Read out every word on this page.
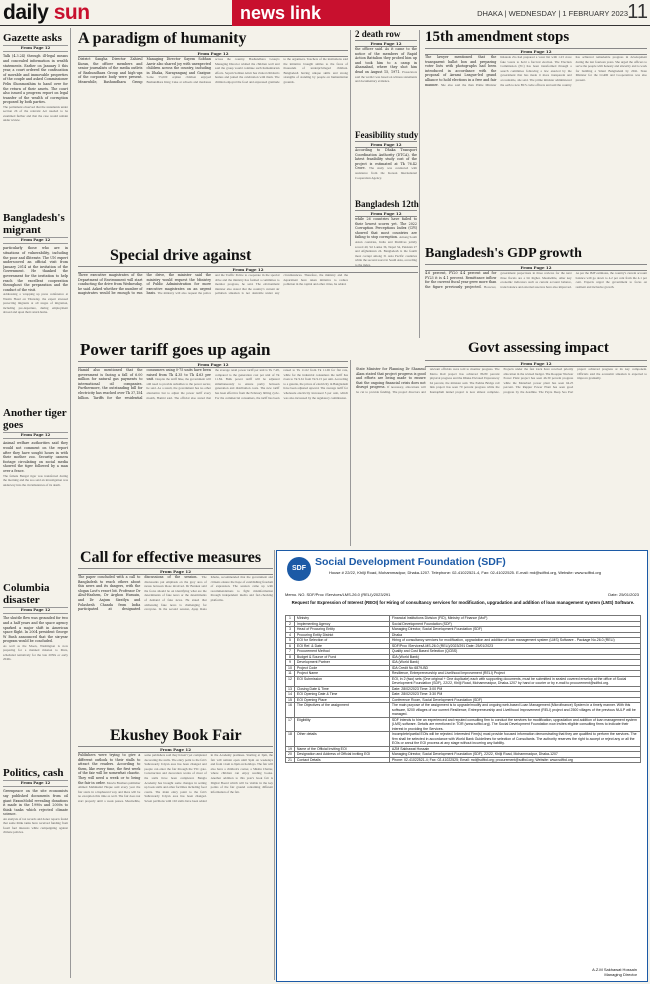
daily sun	news link	DHAKA | WEDNESDAY | 1 FEBRUARY 2023 11
Gazette asks
From Page 12
Talk (4.3.24) through ill-legal means and concealed information in wealth statements. Earlier on January 5 this year, a court ordered the confiscation of movable and immovable properties of the couple and asked Commissioner Felix Shonmosihim to hand over for the return of their assets. The court also issued a progress report on legal transfer of the wealth of corruption proposed by both parties.
The parliament observed that the statements under section 26 of the relevant Act needed to be examined further and that the case would remain under review.
Bangladesh's migrant
From Page 12
particularly those who are in situations of vulnerability, including the poor and illiterate. The UN expert underscored an official visit from January 2014 at the invitation of the Government. He thanked the government for the invitation to help reach the excellent cooperation throughout the preparation and the conduct of the visit.
Addressing a wrapping up press conference at Westin Hotel on Thursday, the expert stressed protecting migrants at all stages of migration, including pre-departure, during employment abroad and upon their return home.
Another tiger goes
From Page 12
Animal welfare authorities said they would not comment on the report after they have sought hours in with their mother zoo. Security camera footage circulating on social media showed the tiger followed by a man over a fence.
The female Bengal tiger was transferred during the morning and the zoo said an investigation was underway into the circumstances of its death.
Columbia disaster
From Page 12
The shuttle flew was grounded for two and a half years and the space agency sparked a major shift in American space flight. In 2004 president George W Bush announced that the six-year program would be concluded.
As well as the Moon, Washington is now preparing for a manned mission to Mars, scheduled tentatively for the late 2030s or early 2040s.
Politics, cash
From Page 12
Greenpeace on the site economists say published documents from oil giant ExxonMobil revealing donations it made in the 1990s and 2000s to think tanks which rejected climate science.
An analysis of tax records and donor reports found that some think tanks have received funding from fossil fuel interests while campaigning against climate policies.
A paradigm of humanity
From Page 12
District Sangha Director Zahirul Kuran, the officer members and senior journalists of the media outlets of Bashundhara Group and high-ups of the corporate body were present. Meanwhile, Bashundhara Group Managing Director Sayem Sobhan Anvir also shared joy with unexpected children across the country, including in Dhaka, Narayanganj and Gazipur. Some 55,000 orphan children enjoyed Bashundhara King Cake at schools and madrasas across the country. Bashundhara Group's Managing Director wished the children well and said the group would continue such humanitarian efforts. Sayem Sobhan Anvir has visited children's homes and joined the celebration with them. The children enjoyed the food and expressed gratitude to the organisers. Teachers of the institutions said the initiative brought smiles to the faces of thousands of underprivileged children. Bangladesh having unique skills and strong strengths of standing by people on humanitarian grounds.
2 death row
From Page 12
the officer said. As it came to the notice of the members of Rapid Action Battalion they probed him up and took him to a camp in Ahamabad, where they shot him dead on August 15, 1971. Prosecutors said the verdict was based on witness statements and documentary evidence.
Feasibility study
From Page 12
According to Dhaka Transport Coordination Authority (DTCA), the latest feasibility study cost of the project is estimated at Tk 76.42 Crore. The study was conducted with assistance from the Korean International Cooperation Agency.
Bangladesh 12th
From Page 12
while 26 countries have failed to their lowest scores yet. The 2022 Corruption Perceptions Index (CPI) showed that most countries are failing to stop corruption. Among South Asian countries, India and Maldives jointly scored 40, Sri Lanka 36, Nepal 34, Pakistan 27 and Afghanistan 24. Bangladesh is the fourth most corrupt among 31 Asia Pacific countries while the second-worst in South Asia, according to the index.
15th amendment stops
From Page 12
The lawyer mentioned that the transparent ballot box and preparing voter lists with photographs had been introduced in accordance with the proposal of Awami League-led grand alliance to hold elections in a free and fair manner. She also said the then Prime Minister Khaleda Zia had prepared a voter list with 1.23 crore fake voters to hold a farcical election. The Election Commission (EC) has been transformed through a search committee following a law enacted by the government that has made it more transparent and accountable, she said. The prime minister administered the oath to new BCS cadre officers and said the country has achieved remarkable progress in development during the last fourteen years. She urged the officers to serve the people with honesty and sincerity and to work for building a Smart Bangladesh by 2041. State Minister for the LGRD and Cooperatives was also present.
Bangladesh's GDP growth
From Page 12
4.6 percent, FY20 4.4 percent and for FY23 it is 4.1 percent. Remittance inflow for the current fiscal year grew more than the figure previously projected. However, government projections in three reviews for the next three fiscals are a bit higher. Meanwhile, other key economic indicators such as current account balance, trade balance and external reserves have also improved. As per the IMF estimates, the country's current account balance will go down to 4.2 per cent from the 4.1 per cent. Experts urged the government to focus on resilient and inclusive growth.
Special drive against
From Page 12
Three executive magistrates of the Department of Environment will start conducting the drive from Wednesday, he said. Asked whether the number of magistrates would be enough to run the drive, the minister said the ministry would request the Ministry of Public Administration for more executive magistrates on an urgent basis. The ministry will also request the police and the Traffic Police to cooperate in the special drive and the ministry has formed a committee to monitor progress, he said. The environment minister also stated that the country's current air pollution situation is not desirable under any circumstances. Therefore, the ministry and the department have taken initiative to reduce pollution in the capital and other cities, he added.
Govt assessing impact
From Page 12
State Minister for Planning Dr Shamsul Alam stated that project progress is good and efforts are being made to ensure that the ongoing financial crisis does not disrupt progress. If necessary, allocations will be cut to provide funding. The project directors and relevant officials were told to monitor progress. The Metro Rail project has achieved 86.80 percent physical progress and the Dhaka Elevated Expressway 64 percent, the minister said. The Padma Bridge rail link project has seen 70 percent progress while the Karnaphuli tunnel project is now almost complete. Projects under the fast track have received priority allocation in the revised budget. The Rooppur Nuclear Power Plant project has seen 46.30 percent progress while the Matarbari power plant has seen 64.25 percent. The Ruppur Power Plant has seen good progress by the deadline. The Payra Deep Sea Port project achieved progress at its key component. Officials said the economic situation is expected to improve gradually.
Power tariff goes up again
From Page 12
Hamid also mentioned that the government is facing a fall of 6.00 million for natural gas payments to international oil companies. Furthermore, the outstanding bill for electricity has reached over Tk 37,154 billion. Tariffs for the residential consumers using 0-75 units have been raised from Tk 4.35 to Tk 4.63 per unit. Despite the tariff hike, the government will still need to provide subsidies to the power sector, he said. As a result, the government has no other alternative but to adjust the power tariff every month, Hamid said. The official also stated that the average retail power tariff per unit is Tk 7.48, compared to the generation cost per unit of Tk 11.84. Bulk power tariff will be adjusted simultaneously to ensure parity between generation and distribution costs. The new tariff has been effective from the February billing cycle. For the commercial consumers, the tariff has been raised to Tk 11.62 from Tk 11.06 for flat rate, while for the industrial consumers the tariff has risen to Tk 9.61 from Tk 9.15 per unit. According to a gazette, the prices of electricity in Bangladesh have been adjusted upward. The average tariff for wholesale electricity increased 5 per cent, which was also increased by the regulatory commission.
Call for effective measures
From Page 12
The paper concluded with a call to Bangladesh to reach others about this news and its dangers, with the slogan Lost's resort bit. Professor Dr Abul-Hashem, Dr Arghon Hussain, and Dr Anjum Siratlya and Polashesh Chanda from India participated at designated discussions of the session. The discussants put emphasis on the grey area of nexus between those involved. Dr Barakat said the focus should be on identifying what are the determinants of fake news or the determinants of demand of fake news. He stated that addressing fake news is challenging for everyone. In the second session, Ayup Rana Khaba, recommended that the government and citizens ensure the hope of establishing freedom of expression. The session came up with recommendations to fight misinformation through independent media and fact-checking platforms.
Ekushey Book Fair
From Page 12
Publishers were trying to give a different outlook to their stalls to attract the readers. According to them, like every time, the first week of the fair will be somewhat chaotic. They will need a week or to bring the fair in order. Mowla Brothers publisher Ahmed Mahmudul Haque said every year the fair starts in a haphazard way and there will be no exception this time as well. The fair does not start properly until a week passes. Meanwhile, some publishers said they haven't yet completed decorating the stalls. The entry point to the fair's Suhrawardy Udyan area has been changed and people can enter the fair through the TSC gate. Construction and decoration works of most of the stalls have been completed. Bangla Academy has brought some changes in setting up book stalls and other facilities including food courts. The main entry point to the fair's Suhrawardy Udyan area has been changed. Seven pavilions with 102 stalls have been added in the Academy premises. Starting at 3pm, the fair will remain open until 9pm on weekdays and from 11am to 9pm on holidays. The fair will also have a children's corner, a Shishu Chattar, where children can enjoy reading books. Another addition to this year's book fair is Digital Board which will be visible in the key points of the fair ground containing different information of the fair.
SDF
Social Development Foundation (SDF)
House # 22/22, Khilji Road, Mohammadpur, Dhaka-1207. Telephone: 02-41022521-4, Fax: 02-41022525. E-mail: md@sdfbd.org, Website: www.sdfbd.org
Memo. NO. SDF/Proc /Services/LMS-26.0 (RELI)/2023/291	Date: 25/01/2023
Request for Expression of Interest (REOI) for Hiring of consultancy services for modification, upgradation and addition of loan management system (LMS) Software.
1	Ministry	Financial Institutions Division (FID), Ministry of Finance (MoF)
2	Implementing Agency	Social Development Foundation (SDF)
3	Head of Procuring Entity	Managing Director, Social Development Foundation (SDF)
4	Procuring Entity District	Dhaka
5	EOI for Selection of	Hiring of consultancy services for modification, upgradation and addition of loan management system (LMS) Software - Package No.26.0 (RELI)
6	EOI Ref. & Date	SDF/Proc /Services/LMS-26.0 (RELI)/2023/291 Date: 25/01/2023
7	Procurement Method	Quality and Cost Based Selection (QCBS)
8	Budget & Source of Fund	IDA (World Bank)
9	Development Partner	IDA (World Bank)
10	Project Code	IDA Credit No 6879-BD
11	Project Name	Resilience, Entrepreneurship and Livelihood Improvement (RELI) Project
12	EOI Submission	EOI, in 2 (two) sets (One original + One duplicate) each with supporting documents, must be submitted in sealed covered envelop at the office of Social Development Foundation (SDF), 22/22, Khilji Road, Mohammadpur, Dhaka-1207 by hand or courier or by e-mail to procurement@sdfbd.org.
13	Closing Date & Time	Date: 28/02/2023 Time: 3:00 PM
14	EOI Opening Date & Time	Date: 28/02/2023 Time: 3:30 PM
15	EOI Opening Place	Conference Room, Social Development Foundation (SDF)
16	The Objectives of the assignment	The main purpose of the assignment is to upgrade/modify and ongoing web-based Loan Management (Microfinance) System in a timely manner. With this software, 5200 villages of our current Resilience, Entrepreneurship and Livelihood Improvement (RELI) project and 2500 villages of the previous NULP will be managed.
17	Eligibility	SDF intends to hire an experienced and reputed consulting firm to conduct the services for modification, upgradation and addition of loan management system (LMS) software. Details are mentioned in TOR (www.sdfbd.org). The Social Development Foundation now invites eligible consulting firms to indicate their interest in providing the Services.
18	Other details	Incomplete/partial EOIs will be rejected. Interested Firm(s) must provide focused information demonstrating that they are qualified to perform the services. The firm shall be selected in accordance with World Bank Guidelines for selection of Consultants. The authority reserves the right to accept or reject any or all the EOIs or annul the EOI process at any stage without incurring any liability.
19	Name of the Official Inviting EOI	AZM Sakhawat Hossain
20	Designation and Address of Official inviting EOI	Managing Director, Social Development Foundation (SDF), 22/22, Khilji Road, Mohammadpur, Dhaka-1207
21	Contact Details	Phone: 02-41022521-4; Fax: 02-41022525; Email: md@sdfbd.org; procurement@sdfbd.org; Website: www.sdfbd.org
A.Z.M Sakhawat Hossain
Managing Director
